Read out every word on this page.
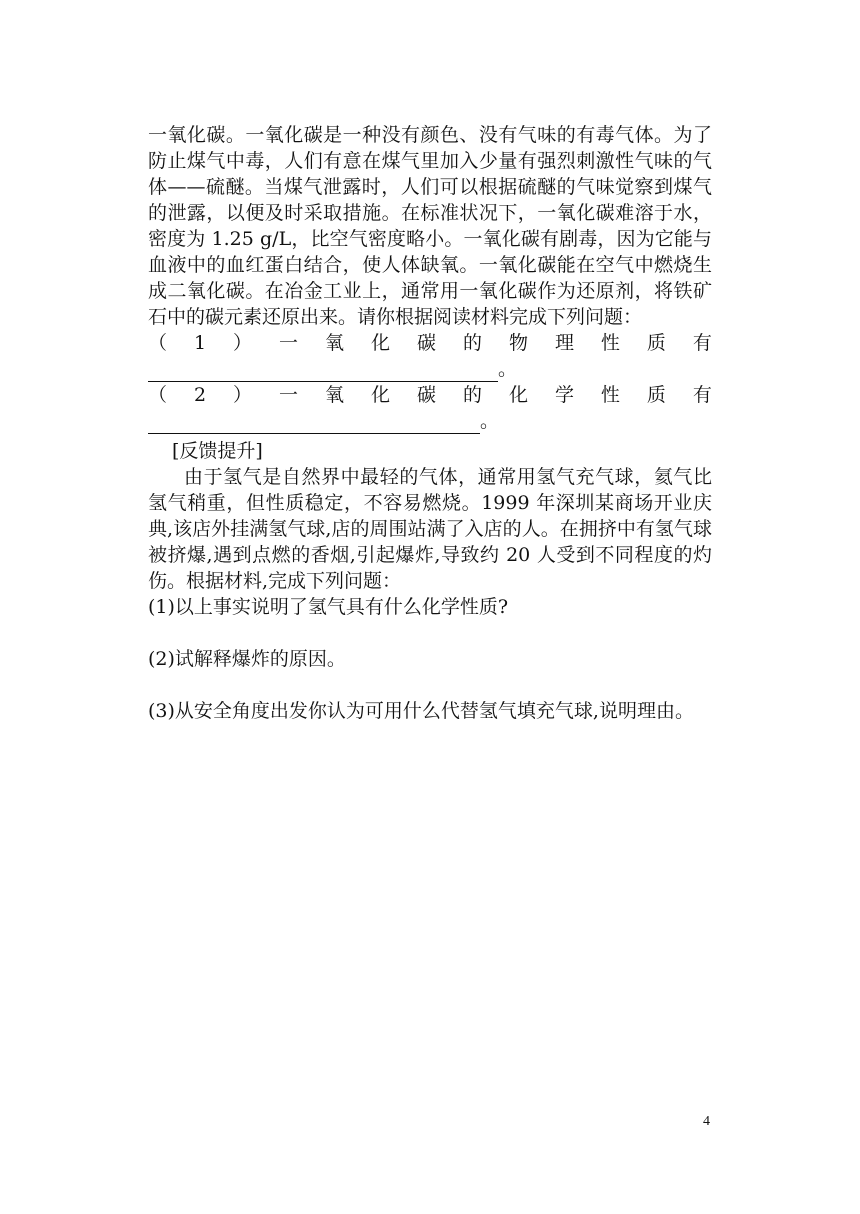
一氧化碳。一氧化碳是一种没有颜色、没有气味的有毒气体。为了防止煤气中毒，人们有意在煤气里加入少量有强烈刺激性气味的气体——硫醚。当煤气泄露时，人们可以根据硫醚的气味觉察到煤气的泄露，以便及时采取措施。在标准状况下，一氧化碳难溶于水，密度为 1.25 g/L，比空气密度略小。一氧化碳有剧毒，因为它能与血液中的血红蛋白结合，使人体缺氧。一氧化碳能在空气中燃烧生成二氧化碳。在冶金工业上，通常用一氧化碳作为还原剂，将铁矿石中的碳元素还原出来。请你根据阅读材料完成下列问题：

（ 1 ） 一 氧 化 碳 的 物 理 性 质 有
。
（ 2 ） 一 氧 化 碳 的 化 学 性 质 有
。
[反馈提升]

由于氢气是自然界中最轻的气体，通常用氢气充气球，氦气比氢气稍重，但性质稳定，不容易燃烧。1999 年深圳某商场开业庆典,该店外挂满氢气球,店的周围站满了入店的人。在拥挤中有氢气球被挤爆,遇到点燃的香烟,引起爆炸,导致约 20 人受到不同程度的灼伤。根据材料,完成下列问题：

(1)以上事实说明了氢气具有什么化学性质?

(2)试解释爆炸的原因。

(3)从安全角度出发你认为可用什么代替氢气填充气球,说明理由。

4
